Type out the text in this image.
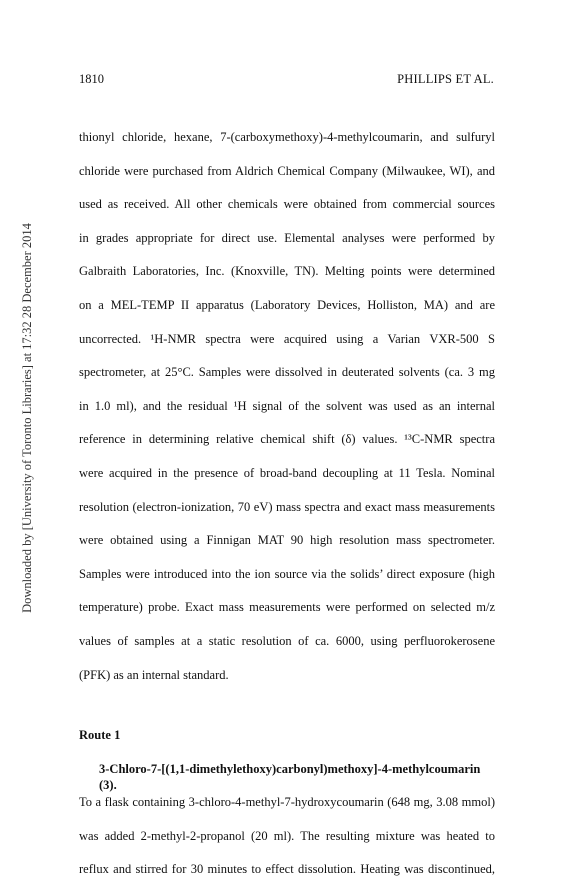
1810	PHILLIPS ET AL.
Downloaded by [University of Toronto Libraries] at 17:32 28 December 2014
thionyl chloride, hexane, 7-(carboxymethoxy)-4-methylcoumarin, and sulfuryl
chloride were purchased from Aldrich Chemical Company (Milwaukee, WI), and
used as received. All other chemicals were obtained from commercial sources
in grades appropriate for direct use. Elemental analyses were performed by
Galbraith Laboratories, Inc. (Knoxville, TN). Melting points were determined
on a MEL-TEMP II apparatus (Laboratory Devices, Holliston, MA) and are
uncorrected. ¹H-NMR spectra were acquired using a Varian VXR-500 S
spectrometer, at 25°C. Samples were dissolved in deuterated solvents (ca. 3 mg
in 1.0 ml), and the residual ¹H signal of the solvent was used as an internal
reference in determining relative chemical shift (δ) values. ¹³C-NMR spectra
were acquired in the presence of broad-band decoupling at 11 Tesla. Nominal
resolution (electron-ionization, 70 eV) mass spectra and exact mass measurements
were obtained using a Finnigan MAT 90 high resolution mass spectrometer.
Samples were introduced into the ion source via the solids’ direct exposure (high
temperature) probe. Exact mass measurements were performed on selected m/z
values of samples at a static resolution of ca. 6000, using perfluorokerosene
(PFK) as an internal standard.
Route 1
3-Chloro-7-[(1,1-dimethylethoxy)carbonyl)methoxy]-4-methylcoumarin (3).
To a flask containing 3-chloro-4-methyl-7-hydroxycoumarin (648 mg, 3.08 mmol)
was added 2-methyl-2-propanol (20 ml). The resulting mixture was heated to
reflux and stirred for 30 minutes to effect dissolution. Heating was discontinued,
